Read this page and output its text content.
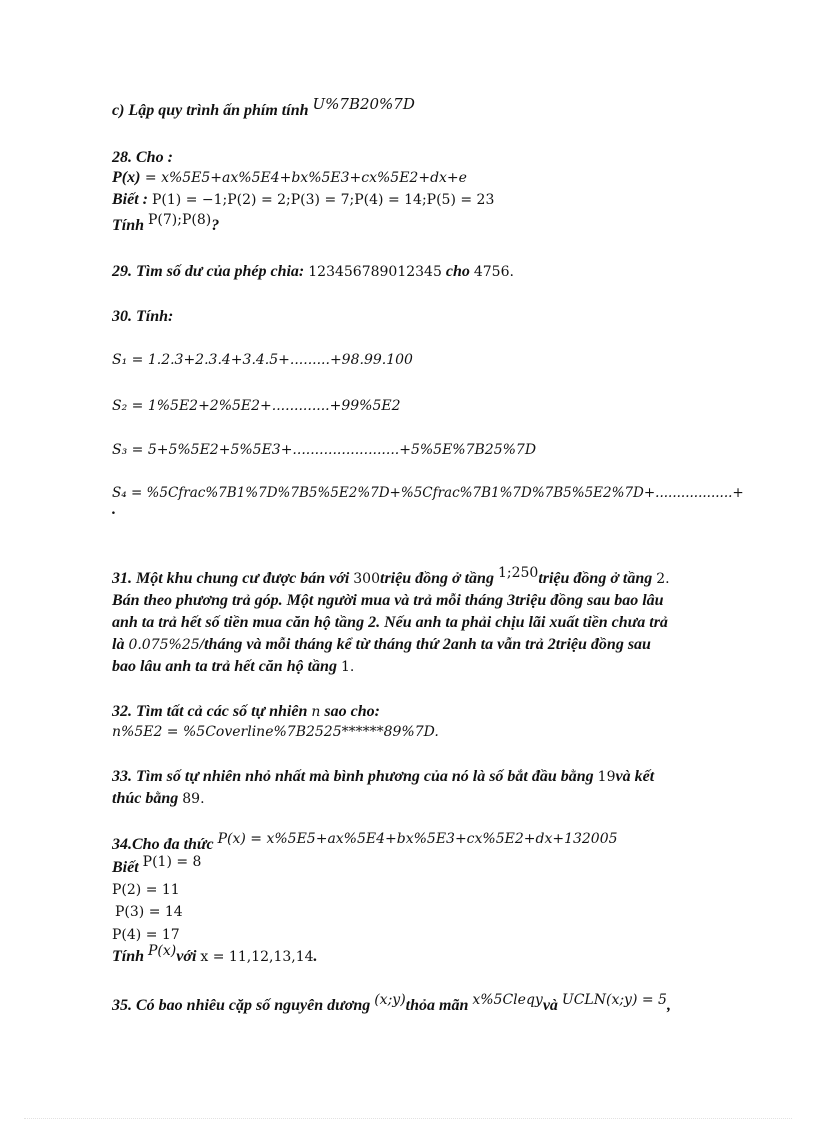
c) Lập quy trình ấn phím tính U%7B20%7D
28. Cho :
P(x) = x%5E5+ax%5E4+bx%5E3+cx%5E2+dx+e
Biết : P(1) = −1;P(2) = 2;P(3) = 7;P(4) = 14;P(5) = 23
Tính P(7);P(8)?
29. Tìm số dư của phép chia: 123456789012345 cho 4756.
30. Tính:
S₁ = 1.2.3+2.3.4+3.4.5+.........+98.99.100
S₂ = 1%5E2+2%5E2+.............+99%5E2
S₃ = 5+5%5E2+5%5E3+........................+5%5E%7B25%7D
S₄ = %5Cfrac%7B1%7D%7B5%5E2%7D+%5Cfrac%7B1%7D%7B5%5E2%7D+..................+
.
31. Một khu chung cư được bán với 300triệu đồng ở tầng 1;250triệu đồng ở tầng 2.
Bán theo phương trả góp. Một người mua và trả mỗi tháng 3triệu đồng sau bao lâu
anh ta trả hết số tiền mua căn hộ tầng 2. Nếu anh ta phải chịu lãi xuất tiền chưa trả
là 0.075%25/tháng và mỗi tháng kể từ tháng thứ 2anh ta vẫn trả 2triệu đồng sau
bao lâu anh ta trả hết căn hộ tầng 1.
32. Tìm tất cả các số tự nhiên n sao cho:
n%5E2 = %5Coverline%7B2525******89%7D.
33. Tìm số tự nhiên nhỏ nhất mà bình phương của nó là số bắt đầu bằng 19và kết
thúc bằng 89.
34.Cho đa thức P(x) = x%5E5+ax%5E4+bx%5E3+cx%5E2+dx+132005
Biết P(1) = 8
P(2) = 11
P(3) = 14
P(4) = 17
Tính P(x)với x = 11,12,13,14.
35. Có bao nhiêu cặp số nguyên dương (x;y)thỏa mãn x%5Cleqyvà UCLN(x;y) = 5,
